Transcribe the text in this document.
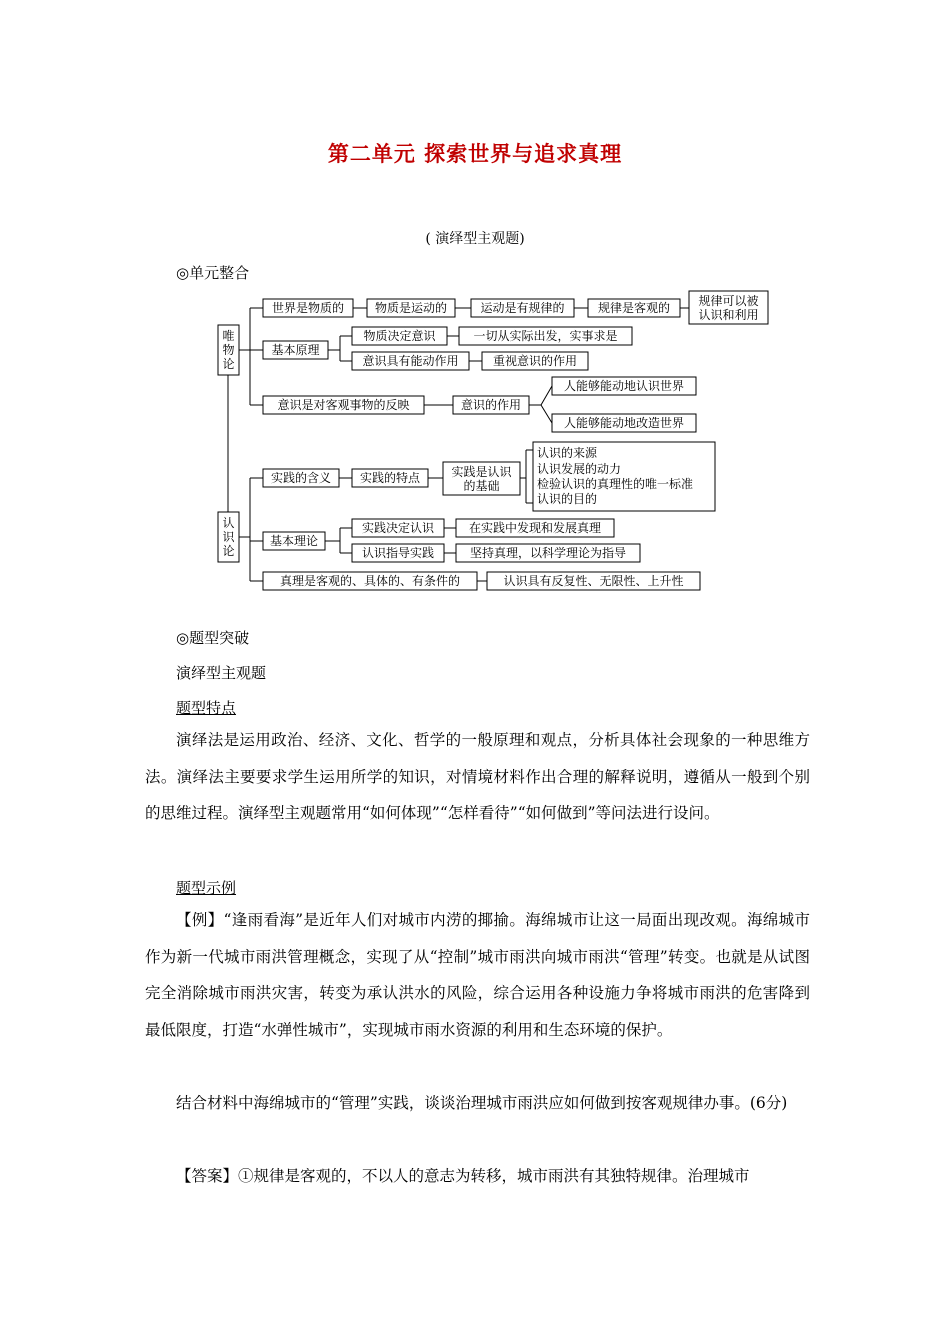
第二单元 探索世界与追求真理
( 演绎型主观题)
◎单元整合
唯
物
论
认
识
论
世界是物质的	物质是运动的	运动是有规律的	规律是客观的 规律可以被
认识和利用
基本原理
物质决定意识	一切从实际出发，实事求是
意识具有能动作用	重视意识的作用
意识是对客观事物的反映	意识的作用
人能够能动地认识世界
人能够能动地改造世界
实践的含义 实践的特点	实践是认识
的基础
认识的来源
认识发展的动力
检验认识的真理性的唯一标准
认识的目的
基本理论
实践决定认识	在实践中发现和发展真理
认识指导实践	坚持真理，以科学理论为指导
真理是客观的、具体的、有条件的	认识具有反复性、无限性、上升性
◎题型突破
演绎型主观题
题型特点
演绎法是运用政治、经济、文化、哲学的一般原理和观点，分析具体社会现象的一种思维方法。演绎法主要要求学生运用所学的知识，对情境材料作出合理的解释说明，遵循从一般到个别的思维过程。演绎型主观题常用“如何体现”“怎样看待”“如何做到”等问法进行设问。
题型示例
【例】“逢雨看海”是近年人们对城市内涝的揶揄。海绵城市让这一局面出现改观。海绵城市作为新一代城市雨洪管理概念，实现了从“控制”城市雨洪向城市雨洪“管理”转变。也就是从试图完全消除城市雨洪灾害，转变为承认洪水的风险，综合运用各种设施力争将城市雨洪的危害降到最低限度，打造“水弹性城市”，实现城市雨水资源的利用和生态环境的保护。
结合材料中海绵城市的“管理”实践，谈谈治理城市雨洪应如何做到按客观规律办事。(6分)
【答案】①规律是客观的，不以人的意志为转移，城市雨洪有其独特规律。治理城市
